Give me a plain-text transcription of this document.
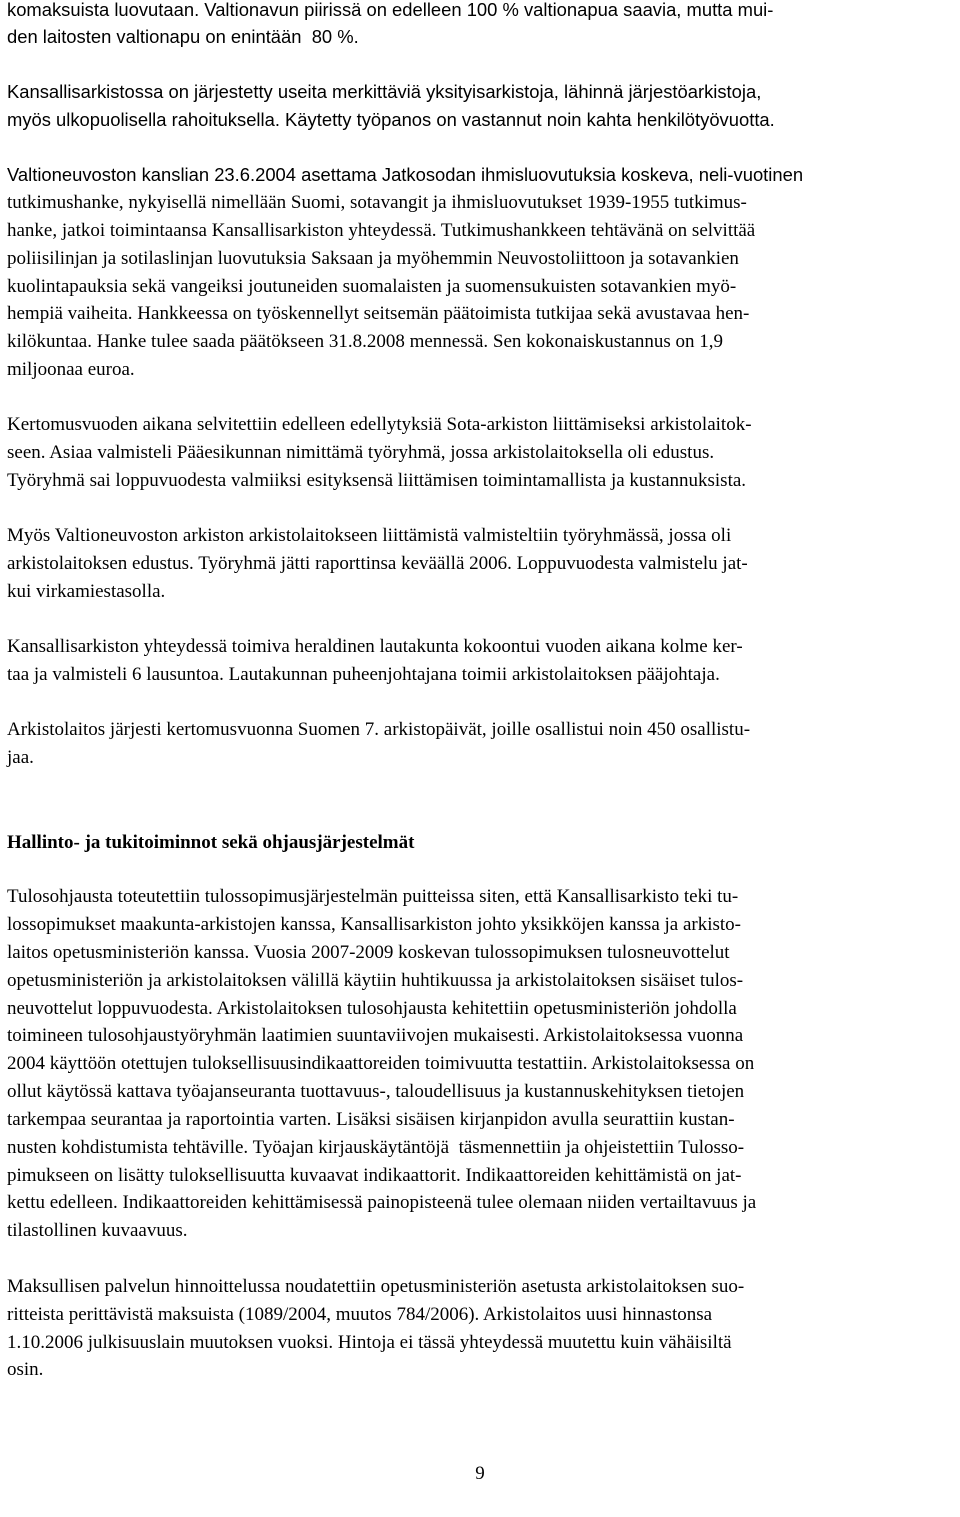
komaksuista luovutaan. Valtionavun piirissä on edelleen 100 % valtionapua saavia, mutta mui-
den laitosten valtionapu on enintään  80 %.
Kansallisarkistossa on järjestetty useita merkittäviä yksityisarkistoja, lähinnä järjestöarkistoja,
myös ulkopuolisella rahoituksella. Käytetty työpanos on vastannut noin kahta henkilötyövuotta.
Valtioneuvoston kanslian 23.6.2004 asettama Jatkosodan ihmisluovutuksia koskeva, neli-vuotinen
tutkimushanke, nykyisellä nimellään Suomi, sotavangit ja ihmisluovutukset 1939-1955 tutkimus-
hanke, jatkoi toimintaansa Kansallisarkiston yhteydessä. Tutkimushankkeen tehtävänä on selvittää
poliisilinjan ja sotilaslinjan luovutuksia Saksaan ja myöhemmin Neuvostoliittoon ja sotavankien
kuolintapauksia sekä vangeiksi joutuneiden suomalaisten ja suomensukuisten sotavankien myö-
hempiä vaiheita. Hankkeessa on työskennellyt seitsemän päätoimista tutkijaa sekä avustavaa hen-
kilökuntaa. Hanke tulee saada päätökseen 31.8.2008 mennessä. Sen kokonaiskustannus on 1,9
miljoonaa euroa.
Kertomusvuoden aikana selvitettiin edelleen edellytyksiä Sota-arkiston liittämiseksi arkistolaitok-
seen. Asiaa valmisteli Pääesikunnan nimittämä työryhmä, jossa arkistolaitoksella oli edustus.
Työryhmä sai loppuvuodesta valmiiksi esityksensä liittämisen toimintamallista ja kustannuksista.
Myös Valtioneuvoston arkiston arkistolaitokseen liittämistä valmisteltiin työryhmässä, jossa oli
arkistolaitoksen edustus. Työryhmä jätti raporttinsa keväällä 2006. Loppuvuodesta valmistelu jat-
kui virkamiestasolla.
Kansallisarkiston yhteydessä toimiva heraldinen lautakunta kokoontui vuoden aikana kolme ker-
taa ja valmisteli 6 lausuntoa. Lautakunnan puheenjohtajana toimii arkistolaitoksen pääjohtaja.
Arkistolaitos järjesti kertomusvuonna Suomen 7. arkistopäivät, joille osallistui noin 450 osallistu-
jaa.
Hallinto- ja tukitoiminnot sekä ohjausjärjestelmät
Tulosohjausta toteutettiin tulossopimusjärjestelmän puitteissa siten, että Kansallisarkisto teki tu-
lossopimukset maakunta-arkistojen kanssa, Kansallisarkiston johto yksikköjen kanssa ja arkisto-
laitos opetusministeriön kanssa. Vuosia 2007-2009 koskevan tulossopimuksen tulosneuvottelut
opetusministeriön ja arkistolaitoksen välillä käytiin huhtikuussa ja arkistolaitoksen sisäiset tulos-
neuvottelut loppuvuodesta. Arkistolaitoksen tulosohjausta kehitettiin opetusministeriön johdolla
toimineen tulosohjaustyöryhmän laatimien suuntaviivojen mukaisesti. Arkistolaitoksessa vuonna
2004 käyttöön otettujen tuloksellisuusindikaattoreiden toimivuutta testattiin. Arkistolaitoksessa on
ollut käytössä kattava työajanseuranta tuottavuus-, taloudellisuus ja kustannuskehityksen tietojen
tarkempaa seurantaa ja raportointia varten. Lisäksi sisäisen kirjanpidon avulla seurattiin kustan-
nusten kohdistumista tehtäville. Työajan kirjauskäytäntöjä  täsmennettiin ja ohjeistettiin Tulosso-
pimukseen on lisätty tuloksellisuutta kuvaavat indikaattorit. Indikaattoreiden kehittämistä on jat-
kettu edelleen. Indikaattoreiden kehittämisessä painopisteenä tulee olemaan niiden vertailtavuus ja
tilastollinen kuvaavuus.
Maksullisen palvelun hinnoittelussa noudatettiin opetusministeriön asetusta arkistolaitoksen suo-
ritteista perittävistä maksuista (1089/2004, muutos 784/2006). Arkistolaitos uusi hinnastonsa
1.10.2006 julkisuuslain muutoksen vuoksi. Hintoja ei tässä yhteydessä muutettu kuin vähäisiltä
osin.
9
